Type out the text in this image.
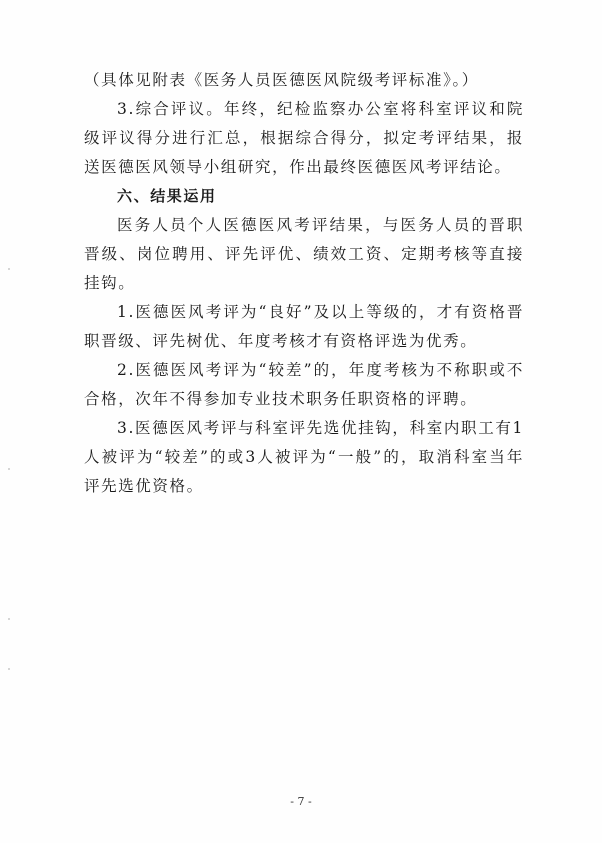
（具体见附表《医务人员医德医风院级考评标准》。）

3.综合评议。年终，纪检监察办公室将科室评议和院级评议得分进行汇总，根据综合得分，拟定考评结果，报送医德医风领导小组研究，作出最终医德医风考评结论。

六、结果运用

医务人员个人医德医风考评结果，与医务人员的晋职晋级、岗位聘用、评先评优、绩效工资、定期考核等直接挂钩。

1.医德医风考评为“良好”及以上等级的，才有资格晋职晋级、评先树优、年度考核才有资格评选为优秀。

2.医德医风考评为“较差”的，年度考核为不称职或不合格，次年不得参加专业技术职务任职资格的评聘。

3.医德医风考评与科室评先选优挂钩，科室内职工有1人被评为“较差”的或3人被评为“一般”的，取消科室当年评先选优资格。

- 7 -
